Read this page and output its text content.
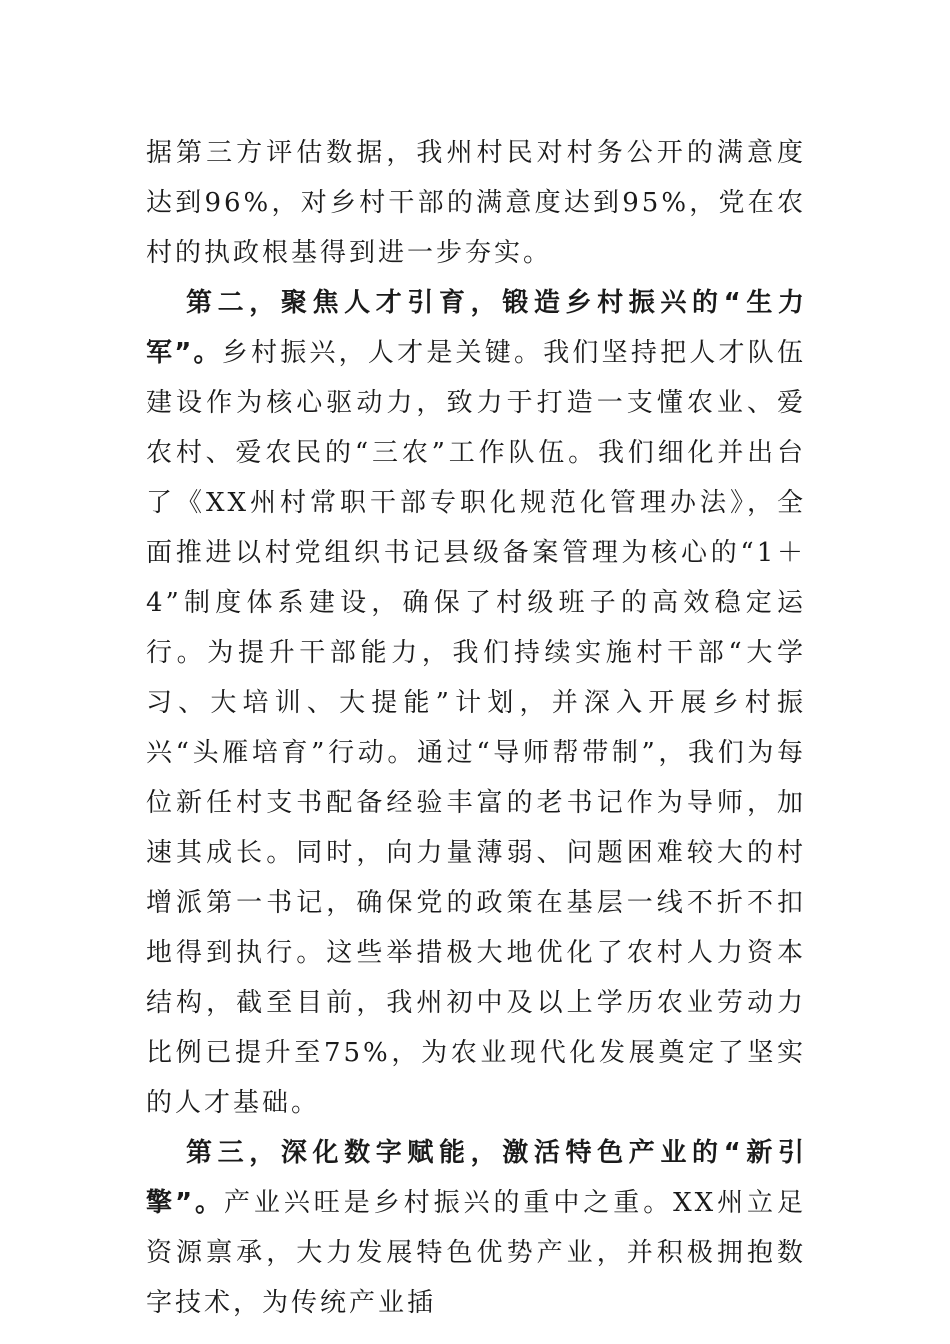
据第三方评估数据，我州村民对村务公开的满意度达到96%，对乡村干部的满意度达到95%，党在农村的执政根基得到进一步夯实。

第二，聚焦人才引育，锻造乡村振兴的“生力军”。乡村振兴，人才是关键。我们坚持把人才队伍建设作为核心驱动力，致力于打造一支懂农业、爱农村、爱农民的“三农”工作队伍。我们细化并出台了《XX州村常职干部专职化规范化管理办法》，全面推进以村党组织书记县级备案管理为核心的“1＋4”制度体系建设，确保了村级班子的高效稳定运行。为提升干部能力，我们持续实施村干部“大学习、大培训、大提能”计划，并深入开展乡村振兴“头雁培育”行动。通过“导师帮带制”，我们为每位新任村支书配备经验丰富的老书记作为导师，加速其成长。同时，向力量薄弱、问题困难较大的村增派第一书记，确保党的政策在基层一线不折不扣地得到执行。这些举措极大地优化了农村人力资本结构，截至目前，我州初中及以上学历农业劳动力比例已提升至75%，为农业现代化发展奠定了坚实的人才基础。

第三，深化数字赋能，激活特色产业的“新引擎”。产业兴旺是乡村振兴的重中之重。XX州立足资源禀承，大力发展特色优势产业，并积极拥抱数字技术，为传统产业插
